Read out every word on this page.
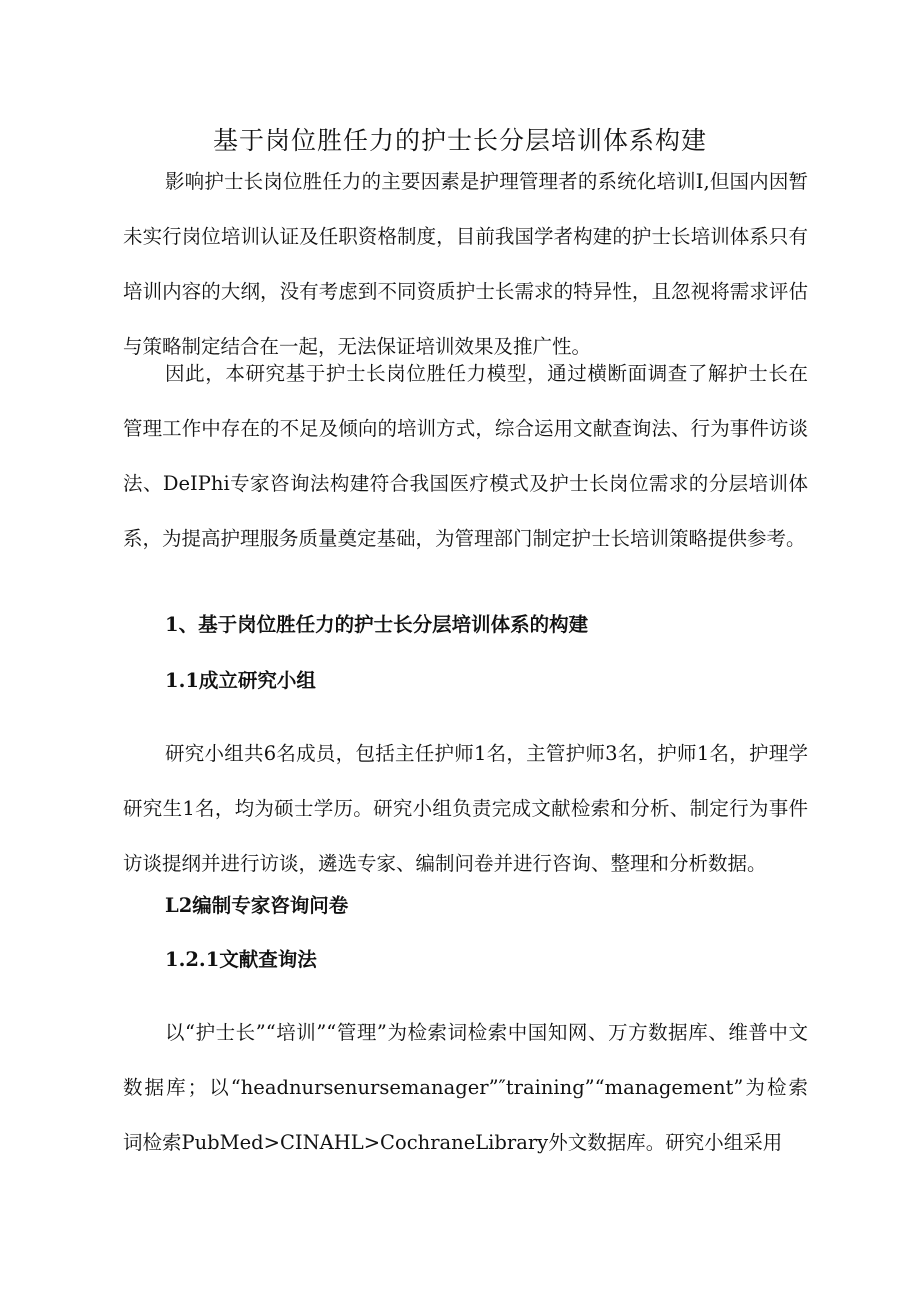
基于岗位胜任力的护士长分层培训体系构建

影响护士长岗位胜任力的主要因素是护理管理者的系统化培训I,但国内因暂未实行岗位培训认证及任职资格制度，目前我国学者构建的护士长培训体系只有培训内容的大纲，没有考虑到不同资质护士长需求的特异性，且忽视将需求评估与策略制定结合在一起，无法保证培训效果及推广性。

因此，本研究基于护士长岗位胜任力模型，通过横断面调查了解护士长在管理工作中存在的不足及倾向的培训方式，综合运用文献查询法、行为事件访谈法、DeIPhi专家咨询法构建符合我国医疗模式及护士长岗位需求的分层培训体系，为提高护理服务质量奠定基础，为管理部门制定护士长培训策略提供参考。

1、基于岗位胜任力的护士长分层培训体系的构建
1.1成立研究小组

研究小组共6名成员，包括主任护师1名，主管护师3名，护师1名，护理学研究生1名，均为硕士学历。研究小组负责完成文献检索和分析、制定行为事件访谈提纲并进行访谈，遴选专家、编制问卷并进行咨询、整理和分析数据。

L2编制专家咨询问卷
1.2.1文献查询法

以“护士长”“培训”“管理”为检索词检索中国知网、万方数据库、维普中文数据库；以“headnursenursemanager”″training”“management”为检索词检索PubMed>CINAHL>CochraneLibrary外文数据库。研究小组采用
